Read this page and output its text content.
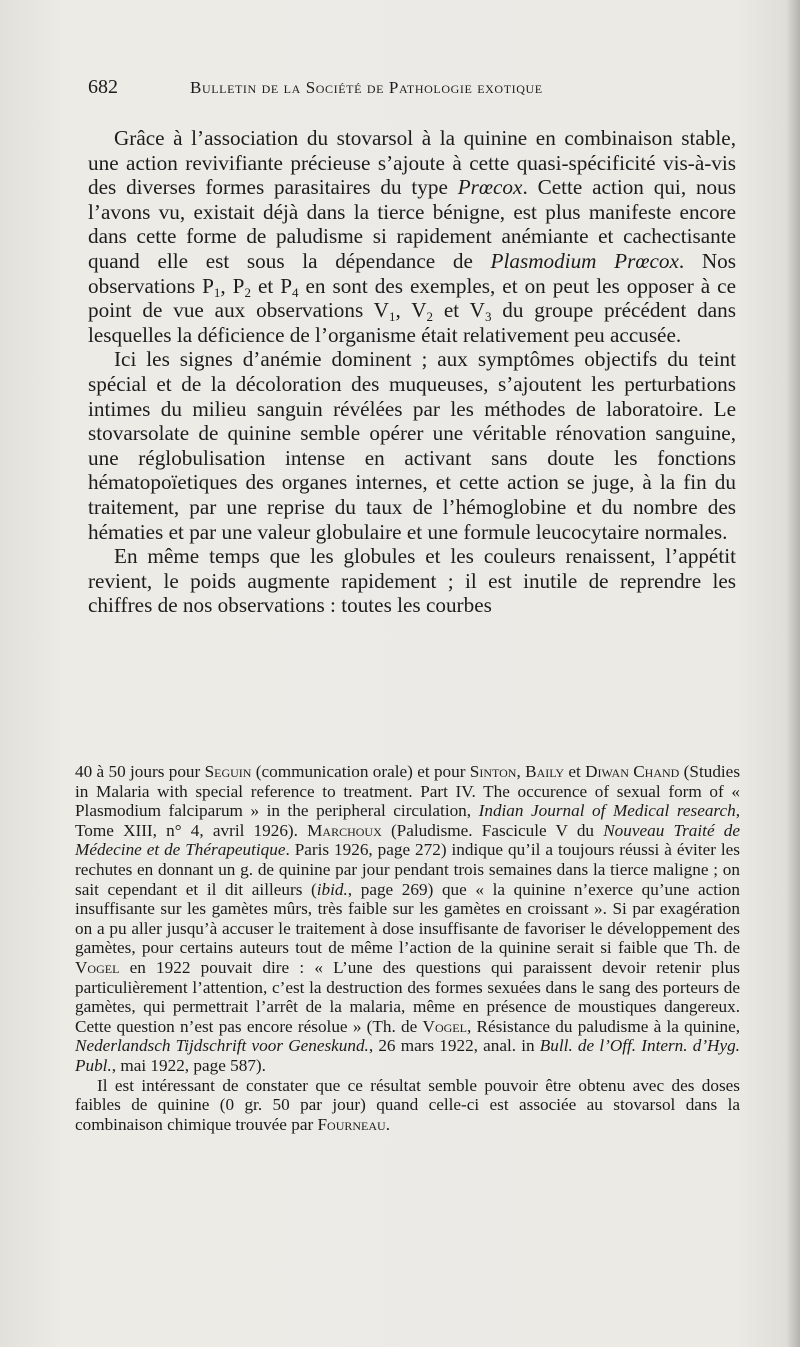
682	Bulletin de la Société de Pathologie exotique

Grâce à l’association du stovarsol à la quinine en combinaison stable, une action revivifiante précieuse s’ajoute à cette quasi-spécificité vis-à-vis des diverses formes parasitaires du type Prœcox. Cette action qui, nous l’avons vu, existait déjà dans la tierce bénigne, est plus manifeste encore dans cette forme de paludisme si rapidement anémiante et cachectisante quand elle est sous la dépendance de Plasmodium Prœcox. Nos observations $P_1$, $P_2$ et $P_4$ en sont des exemples, et on peut les opposer à ce point de vue aux observations $V_1$, $V_2$ et $V_3$ du groupe précédent dans lesquelles la déficience de l’organisme était relativement peu accusée.

Ici les signes d’anémie dominent ; aux symptômes objectifs du teint spécial et de la décoloration des muqueuses, s’ajoutent les perturbations intimes du milieu sanguin révélées par les méthodes de laboratoire. Le stovarsolate de quinine semble opérer une véritable rénovation sanguine, une réglobulisation intense en activant sans doute les fonctions hématopoïetiques des organes internes, et cette action se juge, à la fin du traitement, par une reprise du taux de l’hémoglobine et du nombre des hématies et par une valeur globulaire et une formule leucocytaire normales.

En même temps que les globules et les couleurs renaissent, l’appétit revient, le poids augmente rapidement ; il est inutile de reprendre les chiffres de nos observations : toutes les courbes

40 à 50 jours pour Seguin (communication orale) et pour Sinton, Baily et Diwan Chand (Studies in Malaria with special reference to treatment. Part IV. The occurence of sexual form of « Plasmodium falciparum » in the peripheral circulation, Indian Journal of Medical research, Tome XIII, n° 4, avril 1926). Marchoux (Paludisme. Fascicule V du Nouveau Traité de Médecine et de Thérapeutique. Paris 1926, page 272) indique qu’il a toujours réussi à éviter les rechutes en donnant un g. de quinine par jour pendant trois semaines dans la tierce maligne ; on sait cependant et il dit ailleurs (ibid., page 269) que « la quinine n’exerce qu’une action insuffisante sur les gamètes mûrs, très faible sur les gamètes en croissant ». Si par exagération on a pu aller jusqu’à accuser le traitement à dose insuffisante de favoriser le développement des gamètes, pour certains auteurs tout de même l’action de la quinine serait si faible que Th. de Vogel en 1922 pouvait dire : « L’une des questions qui paraissent devoir retenir plus particulièrement l’attention, c’est la destruction des formes sexuées dans le sang des porteurs de gamètes, qui permettrait l’arrêt de la malaria, même en présence de moustiques dangereux. Cette question n’est pas encore résolue » (Th. de Vogel, Résistance du paludisme à la quinine, Nederlandsch Tijdschrift voor Geneskund., 26 mars 1922, anal. in Bull. de l’Off. Intern. d’Hyg. Publ., mai 1922, page 587).

Il est intéressant de constater que ce résultat semble pouvoir être obtenu avec des doses faibles de quinine (0 gr. 50 par jour) quand celle-ci est associée au stovarsol dans la combinaison chimique trouvée par Fourneau.
